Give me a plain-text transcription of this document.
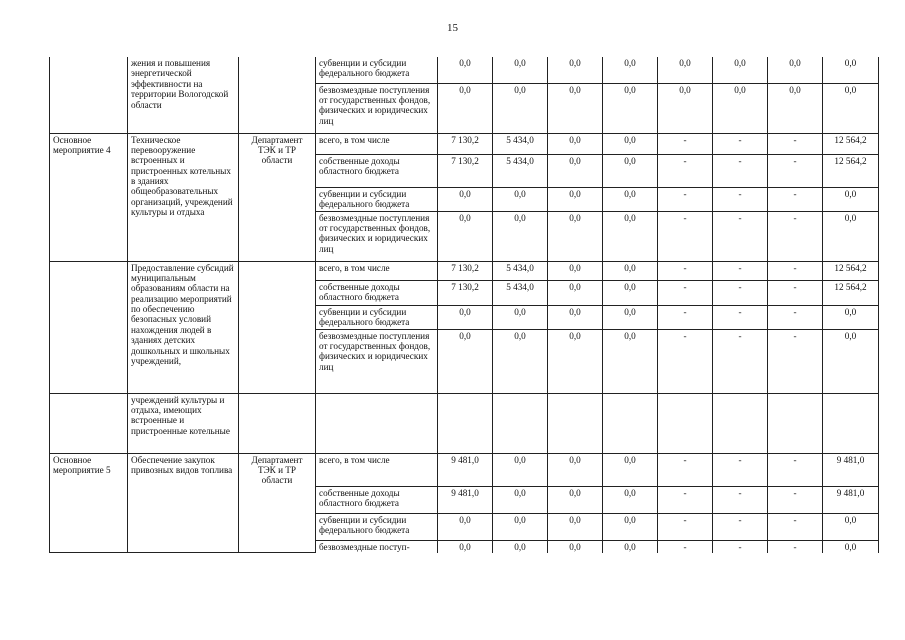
15
	жения и повышения энергетической эффективности на территории Вологодской области		субвенции и субсидии федерального бюджета	0,0	0,0	0,0	0,0	0,0	0,0	0,0	0,0
			безвозмездные поступления от государственных фондов, физических и юридических лиц	0,0	0,0	0,0	0,0	0,0	0,0	0,0	0,0
Основное мероприятие 4	Техническое перевооружение встроенных и пристроенных котельных в зданиях общеобразовательных организаций, учреждений культуры и отдыха	Департамент ТЭК и ТР области	всего, в том числе	7 130,2	5 434,0	0,0	0,0	-	-	-	12 564,2
			собственные доходы областного бюджета	7 130,2	5 434,0	0,0	0,0	-	-	-	12 564,2
			субвенции и субсидии федерального бюджета	0,0	0,0	0,0	0,0	-	-	-	0,0
			безвозмездные поступления от государственных фондов, физических и юридических лиц	0,0	0,0	0,0	0,0	-	-	-	0,0
	Предоставление субсидий муниципальным образованиям области на реализацию мероприятий по обеспечению безопасных условий нахождения людей в зданиях детских дошкольных и школьных учреждений,		всего, в том числе	7 130,2	5 434,0	0,0	0,0	-	-	-	12 564,2
			собственные доходы областного бюджета	7 130,2	5 434,0	0,0	0,0	-	-	-	12 564,2
			субвенции и субсидии федерального бюджета	0,0	0,0	0,0	0,0	-	-	-	0,0
			безвозмездные поступления от государственных фондов, физических и юридических лиц	0,0	0,0	0,0	0,0	-	-	-	0,0
	учреждений культуры и отдыха, имеющих встроенные и пристроенные котельные										
Основное мероприятие 5	Обеспечение закупок привозных видов топлива	Департамент ТЭК и ТР области	всего, в том числе	9 481,0	0,0	0,0	0,0	-	-	-	9 481,0
			собственные доходы областного бюджета	9 481,0	0,0	0,0	0,0	-	-	-	9 481,0
			субвенции и субсидии федерального бюджета	0,0	0,0	0,0	0,0	-	-	-	0,0
			безвозмездные поступ-	0,0	0,0	0,0	0,0	-	-	-	0,0
